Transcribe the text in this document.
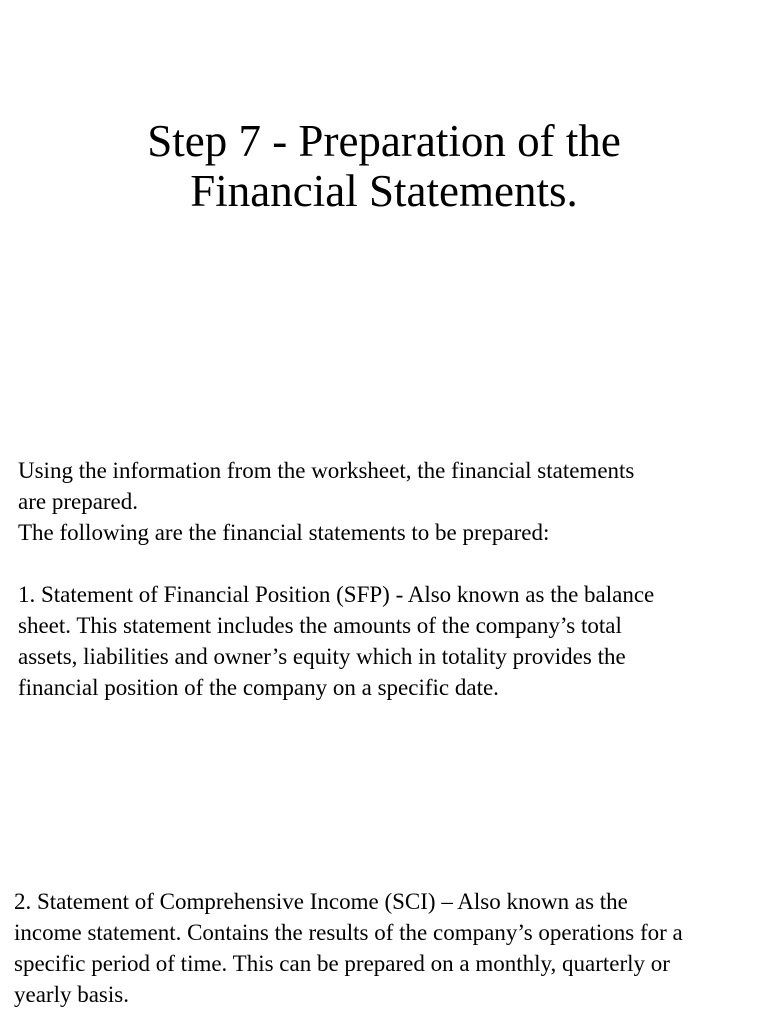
Step 7 - Preparation of the
Financial Statements.
Using the information from the worksheet, the financial statements
are prepared.
The following are the financial statements to be prepared:
1. Statement of Financial Position (SFP) - Also known as the balance
sheet. This statement includes the amounts of the company’s total
assets, liabilities and owner’s equity which in totality provides the
financial position of the company on a specific date.
2. Statement of Comprehensive Income (SCI) – Also known as the
income statement. Contains the results of the company’s operations for a
specific period of time. This can be prepared on a monthly, quarterly or
yearly basis.
